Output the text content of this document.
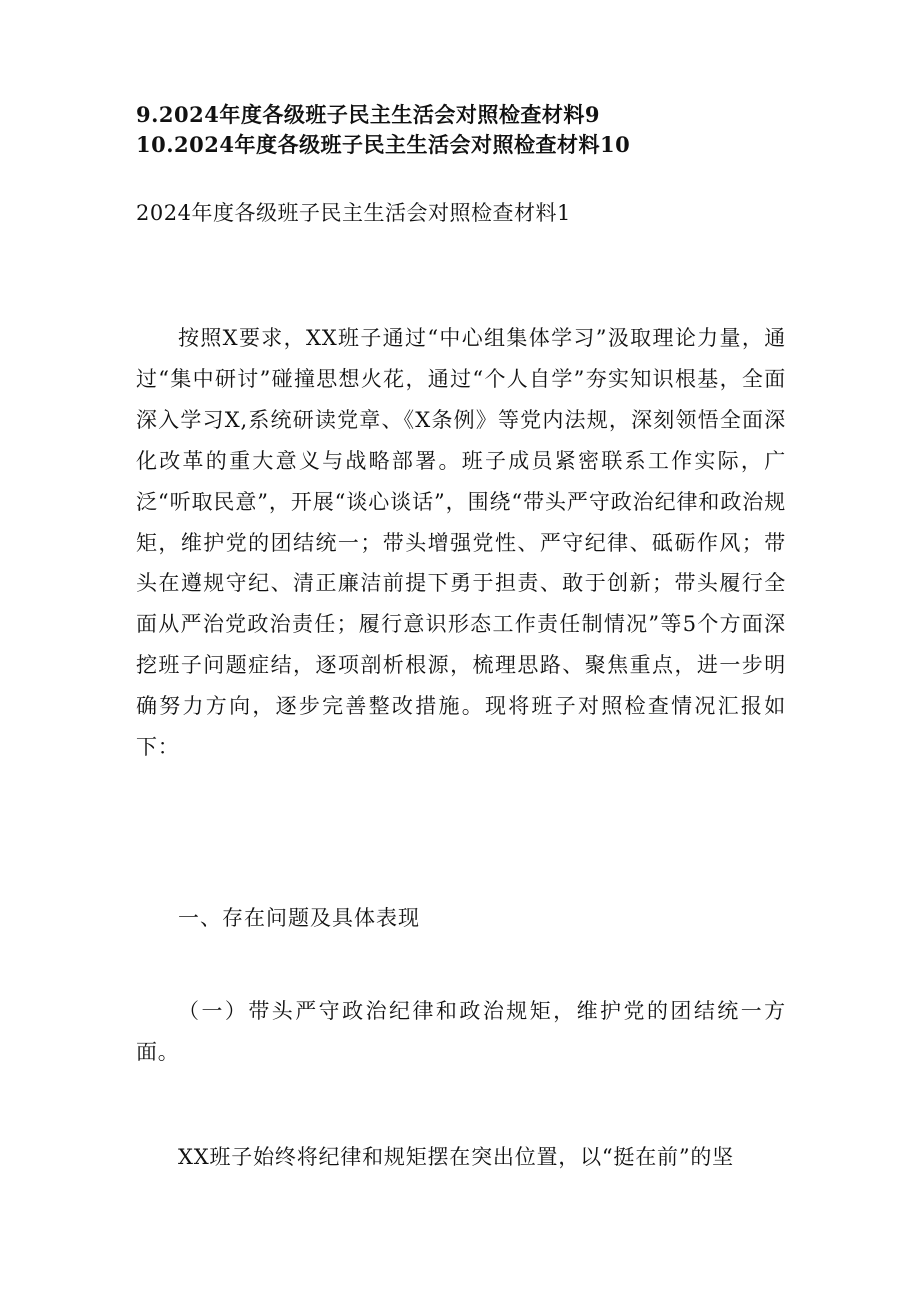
9.2024年度各级班子民主生活会对照检查材料9
10.2024年度各级班子民主生活会对照检查材料10
2024年度各级班子民主生活会对照检查材料1
按照X要求，XX班子通过“中心组集体学习”汲取理论力量，通过“集中研讨”碰撞思想火花，通过“个人自学”夯实知识根基，全面深入学习X,系统研读党章、《X条例》等党内法规，深刻领悟全面深化改革的重大意义与战略部署。班子成员紧密联系工作实际，广泛“听取民意”，开展“谈心谈话”，围绕“带头严守政治纪律和政治规矩，维护党的团结统一；带头增强党性、严守纪律、砥砺作风；带头在遵规守纪、清正廉洁前提下勇于担责、敢于创新；带头履行全面从严治党政治责任；履行意识形态工作责任制情况”等5个方面深挖班子问题症结，逐项剖析根源，梳理思路、聚焦重点，进一步明确努力方向，逐步完善整改措施。现将班子对照检查情况汇报如下：
一、存在问题及具体表现
（一）带头严守政治纪律和政治规矩，维护党的团结统一方面。
XX班子始终将纪律和规矩摆在突出位置，以“挺在前”的坚
